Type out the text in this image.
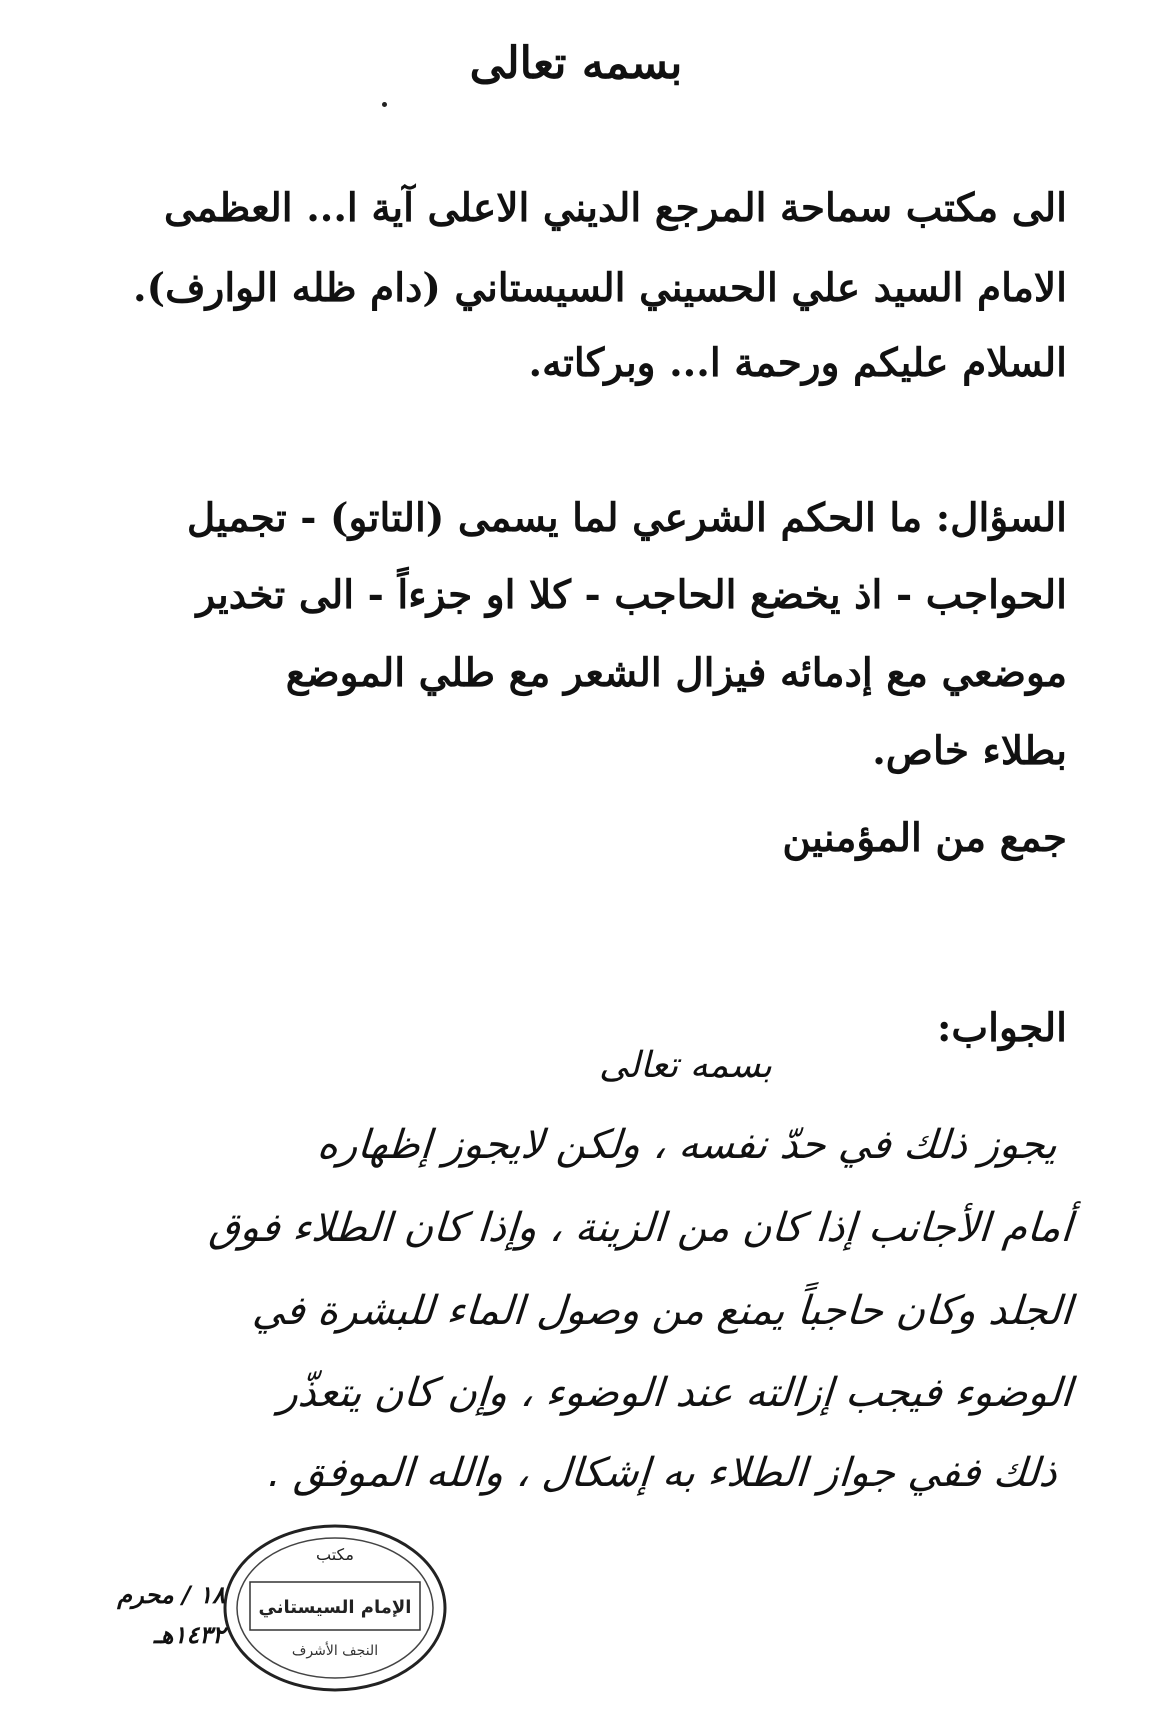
بسمه تعالى
الى مكتب سماحة المرجع الديني الاعلى آية ا... العظمى
الامام السيد علي الحسيني السيستاني (دام ظله الوارف).
السلام عليكم ورحمة ا... وبركاته.
السؤال: ما الحكم الشرعي لما يسمى (التاتو) - تجميل
الحواجب - اذ يخضع الحاجب - كلا او جزءاً - الى تخدير
موضعي مع إدمائه فيزال الشعر مع طلي الموضع
بطلاء خاص.
جمع من المؤمنين
الجواب:
بسمه تعالى
يجوز ذلك في حدّ نفسه ، ولكن لايجوز إظهاره
أمام الأجانب إذا كان من الزينة ، وإذا كان الطلاء فوق
الجلد وكان حاجباً يمنع من وصول الماء للبشرة في
الوضوء فيجب إزالته عند الوضوء ، وإن كان يتعذّر
ذلك ففي جواز الطلاء به إشكال ، والله الموفق .
مكتب
الإمام السيستاني
النجف الأشرف
١٨ / محرم
١٤٣٢هـ
